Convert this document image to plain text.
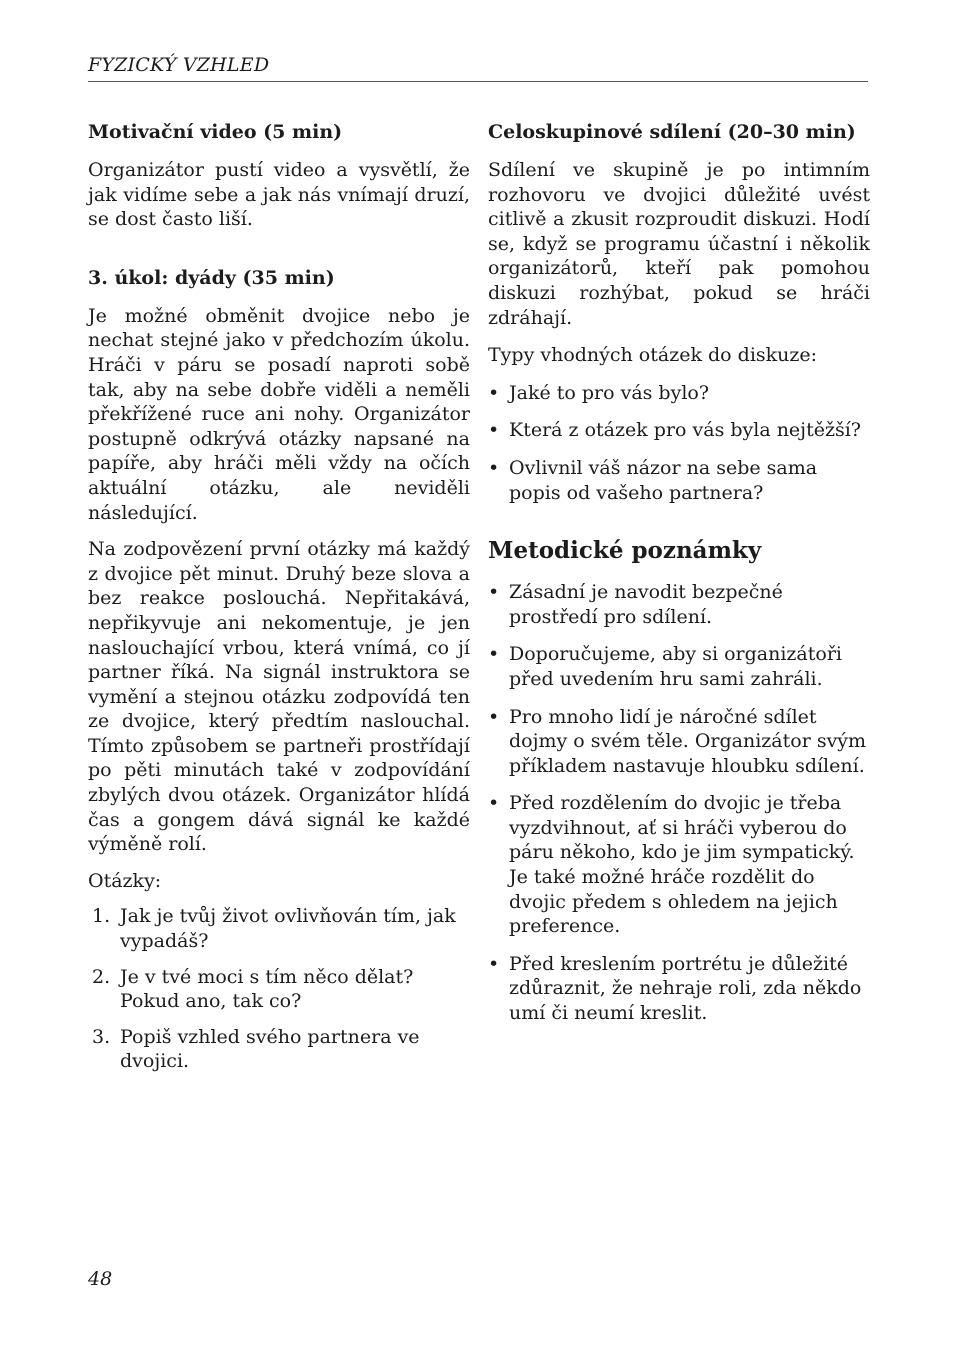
FYZICKÝ VZHLED
Motivační video (5 min)

Organizátor pustí video a vysvětlí, že jak vidíme sebe a jak nás vnímají druzí, se dost často liší.

3. úkol: dyády (35 min)

Je možné obměnit dvojice nebo je nechat stejné jako v předchozím úkolu. Hráči v páru se posadí naproti sobě tak, aby na sebe dobře viděli a neměli překřížené ruce ani nohy. Organizátor postupně odkrývá otázky napsané na papíře, aby hráči měli vždy na očích aktuální otázku, ale neviděli následující.

Na zodpovězení první otázky má každý z dvojice pět minut. Druhý beze slova a bez reakce poslouchá. Nepřitakává, nepřikyvuje ani nekomentuje, je jen naslouchající vrbou, která vnímá, co jí partner říká. Na signál instruktora se vymění a stejnou otázku zodpovídá ten ze dvojice, který předtím naslouchal. Tímto způsobem se partneři prostřídají po pěti minutách také v zodpovídání zbylých dvou otázek. Organizátor hlídá čas a gongem dává signál ke každé výměně rolí.

Otázky:

1. Jak je tvůj život ovlivňován tím, jak vypadáš?
2. Je v tvé moci s tím něco dělat? Pokud ano, tak co?
3. Popiš vzhled svého partnera ve dvojici.
Celoskupinové sdílení (20–30 min)

Sdílení ve skupině je po intimním rozhovoru ve dvojici důležité uvést citlivě a zkusit rozproudit diskuzi. Hodí se, když se programu účastní i několik organizátorů, kteří pak pomohou diskuzi rozhýbat, pokud se hráči zdráhají.

Typy vhodných otázek do diskuze:

• Jaké to pro vás bylo?
• Která z otázek pro vás byla nejtěžší?
• Ovlivnil váš názor na sebe sama popis od vašeho partnera?
Metodické poznámky
• Zásadní je navodit bezpečné prostředí pro sdílení.
• Doporučujeme, aby si organizátoři před uvedením hru sami zahráli.
• Pro mnoho lidí je náročné sdílet dojmy o svém těle. Organizátor svým příkladem nastavuje hloubku sdílení.
• Před rozdělením do dvojic je třeba vyzdvihnout, ať si hráči vyberou do páru někoho, kdo je jim sympatický. Je také možné hráče rozdělit do dvojic předem s ohledem na jejich preference.
• Před kreslením portrétu je důležité zdůraznit, že nehraje roli, zda někdo umí či neumí kreslit.
48
